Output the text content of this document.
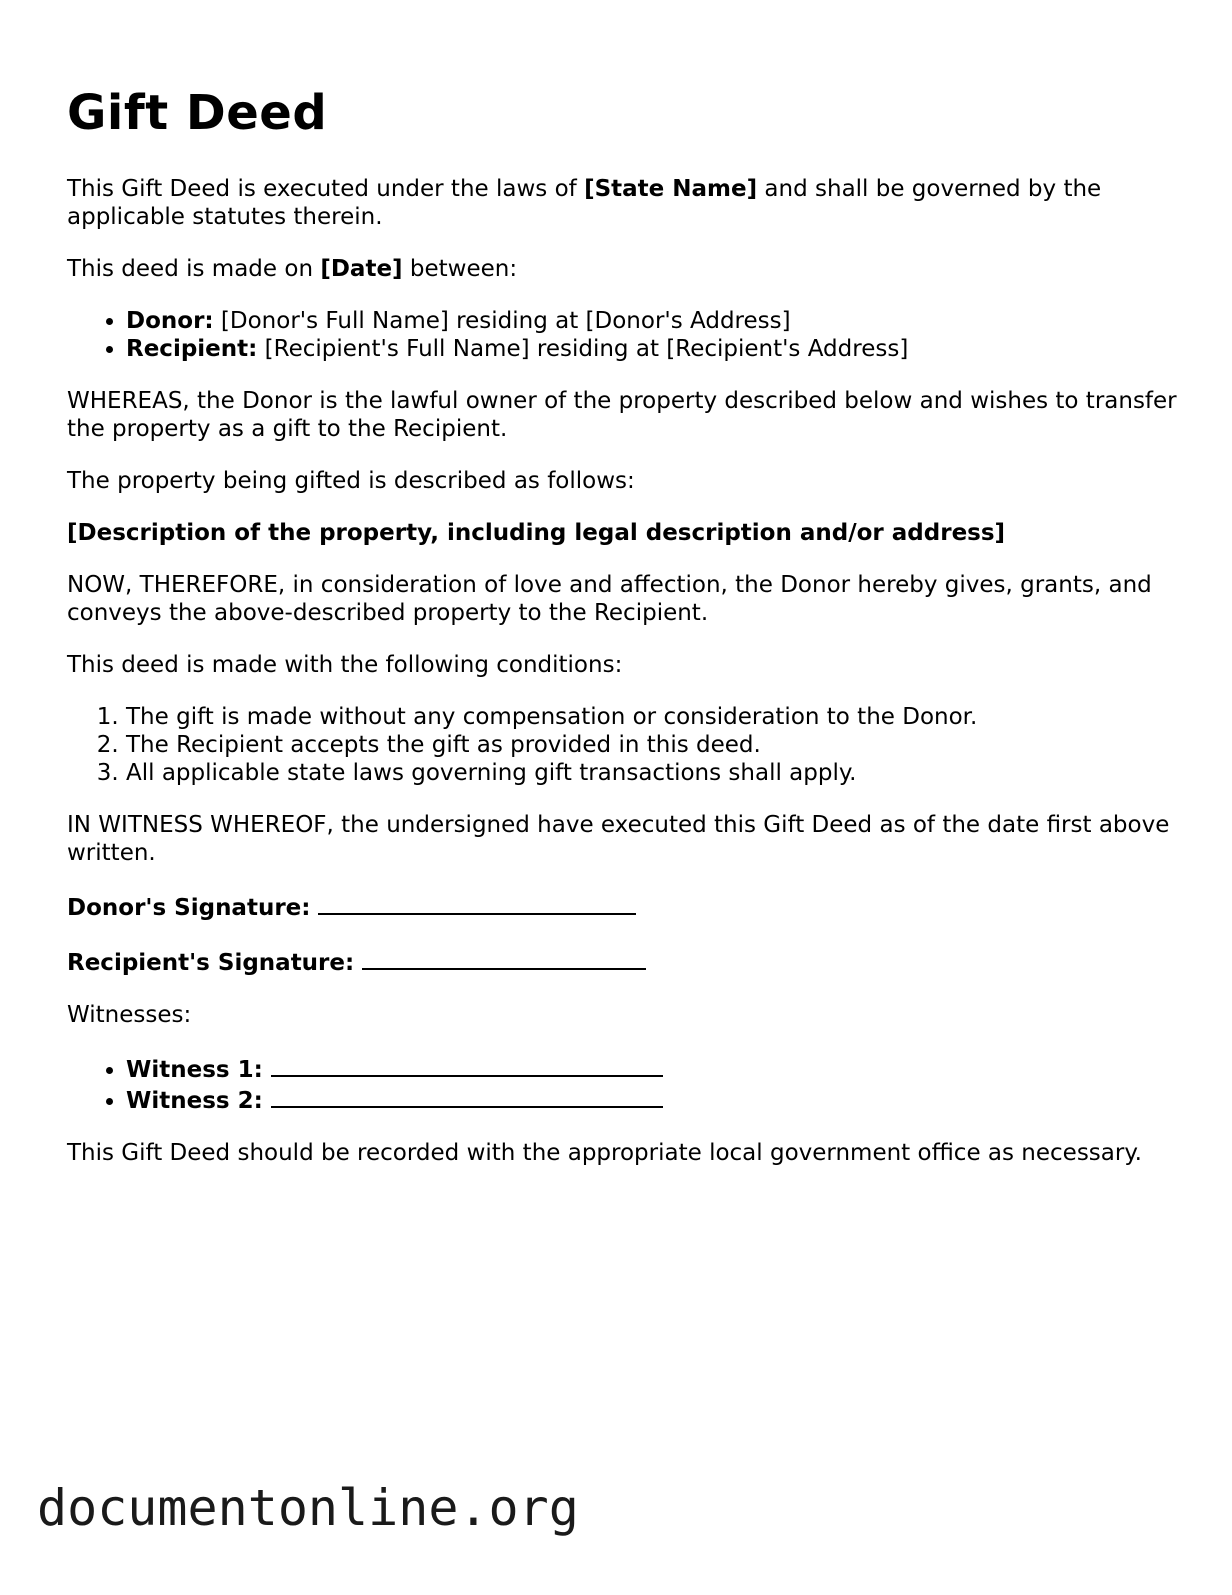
Gift Deed

This Gift Deed is executed under the laws of [State Name] and shall be governed by the applicable statutes therein.

This deed is made on [Date] between:

• Donor: [Donor's Full Name] residing at [Donor's Address]
• Recipient: [Recipient's Full Name] residing at [Recipient's Address]

WHEREAS, the Donor is the lawful owner of the property described below and wishes to transfer the property as a gift to the Recipient.

The property being gifted is described as follows:

[Description of the property, including legal description and/or address]

NOW, THEREFORE, in consideration of love and affection, the Donor hereby gives, grants, and conveys the above-described property to the Recipient.

This deed is made with the following conditions:

1. The gift is made without any compensation or consideration to the Donor.
2. The Recipient accepts the gift as provided in this deed.
3. All applicable state laws governing gift transactions shall apply.

IN WITNESS WHEREOF, the undersigned have executed this Gift Deed as of the date first above written.

Donor's Signature:

Recipient's Signature:

Witnesses:

• Witness 1:
• Witness 2:

This Gift Deed should be recorded with the appropriate local government office as necessary.

documentonline.org
